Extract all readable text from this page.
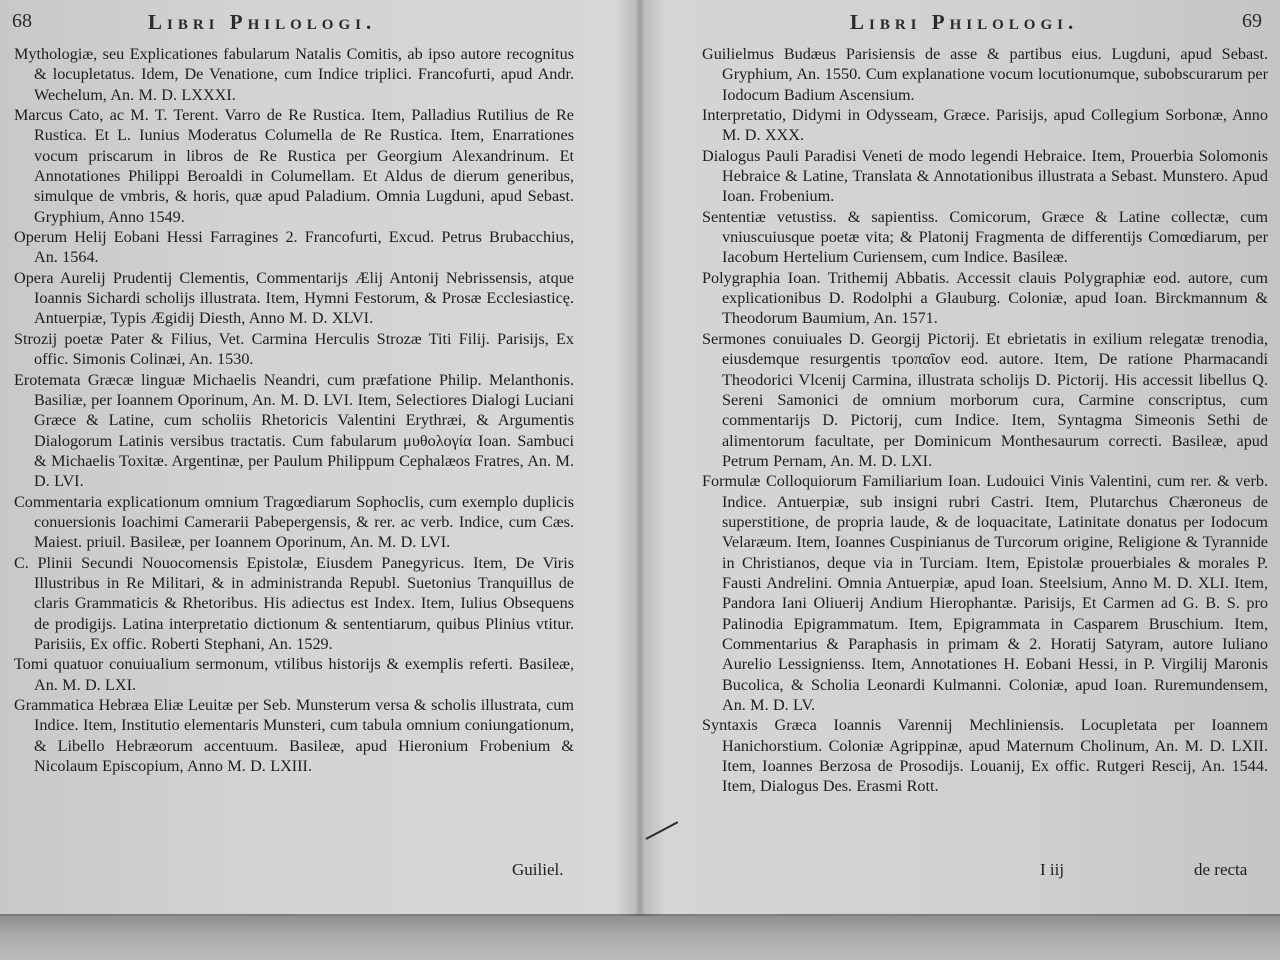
68	Libri Philologi.
Mythologiæ, seu Explicationes fabularum Natalis Comitis, ab ipso autore recognitus & locupletatus. Idem, De Venatione, cum Indice triplici. Francofurti, apud Andr. Wechelum, An. M. D. LXXXI.
Marcus Cato, ac M. T. Terent. Varro de Re Rustica. Item, Palladius Rutilius de Re Rustica. Et L. Iunius Moderatus Columella de Re Rustica. Item, Enarrationes vocum priscarum in libros de Re Rustica per Georgium Alexandrinum. Et Annotationes Philippi Beroaldi in Columellam. Et Aldus de dierum generibus, simulque de vmbris, & horis, quæ apud Paladium. Omnia Lugduni, apud Sebast. Gryphium, Anno 1549.
Operum Helij Eobani Hessi Farragines 2. Francofurti, Excud. Petrus Brubacchius, An. 1564.
Opera Aurelij Prudentij Clementis, Commentarijs Ælij Antonij Nebrissensis, atque Ioannis Sichardi scholijs illustrata. Item, Hymni Festorum, & Prosæ Ecclesiasticę. Antuerpiæ, Typis Ægidij Diesth, Anno M. D. XLVI.
Strozij poetæ Pater & Filius, Vet. Carmina Herculis Strozæ Titi Filij. Parisijs, Ex offic. Simonis Colinæi, An. 1530.
Erotemata Græcæ linguæ Michaelis Neandri, cum præfatione Philip. Melanthonis. Basiliæ, per Ioannem Oporinum, An. M. D. LVI. Item, Selectiores Dialogi Luciani Græce & Latine, cum scholiis Rhetoricis Valentini Erythræi, & Argumentis Dialogorum Latinis versibus tractatis. Cum fabularum μυθολογία Ioan. Sambuci & Michaelis Toxitæ. Argentinæ, per Paulum Philippum Cephalæos Fratres, An. M. D. LVI.
Commentaria explicationum omnium Tragœdiarum Sophoclis, cum exemplo duplicis conuersionis Ioachimi Camerarii Pabepergensis, & rer. ac verb. Indice, cum Cæs. Maiest. priuil. Basileæ, per Ioannem Oporinum, An. M. D. LVI.
C. Plinii Secundi Nouocomensis Epistolæ, Eiusdem Panegyricus. Item, De Viris Illustribus in Re Militari, & in administranda Republ. Suetonius Tranquillus de claris Grammaticis & Rhetoribus. His adiectus est Index. Item, Iulius Obsequens de prodigijs. Latina interpretatio dictionum & sententiarum, quibus Plinius vtitur. Parisiis, Ex offic. Roberti Stephani, An. 1529.
Tomi quatuor conuiualium sermonum, vtilibus historijs & exemplis referti. Basileæ, An. M. D. LXI.
Grammatica Hebræa Eliæ Leuitæ per Seb. Munsterum versa & scholis illustrata, cum Indice. Item, Institutio elementaris Munsteri, cum tabula omnium coniungationum, & Libello Hebræorum accentuum. Basileæ, apud Hieronium Frobenium & Nicolaum Episcopium, Anno M. D. LXIII.
Guiliel.
Libri Philologi.	69
Guilielmus Budæus Parisiensis de asse & partibus eius. Lugduni, apud Sebast. Gryphium, An. 1550. Cum explanatione vocum locutionumque, subobscurarum per Iodocum Badium Ascensium.
Interpretatio, Didymi in Odysseam, Græce. Parisijs, apud Collegium Sorbonæ, Anno M. D. XXX.
Dialogus Pauli Paradisi Veneti de modo legendi Hebraice. Item, Prouerbia Solomonis Hebraice & Latine, Translata & Annotationibus illustrata a Sebast. Munstero. Apud Ioan. Frobenium.
Sententiæ vetustiss. & sapientiss. Comicorum, Græce & Latine collectæ, cum vniuscuiusque poetæ vita; & Platonij Fragmenta de differentijs Comœdiarum, per Iacobum Hertelium Curiensem, cum Indice. Basileæ.
Polygraphia Ioan. Trithemij Abbatis. Accessit clauis Polygraphiæ eod. autore, cum explicationibus D. Rodolphi a Glauburg. Coloniæ, apud Ioan. Birckmannum & Theodorum Baumium, An. 1571.
Sermones conuiuales D. Georgij Pictorij. Et ebrietatis in exilium relegatæ trenodia, eiusdemque resurgentis τροπαῖον eod. autore. Item, De ratione Pharmacandi Theodorici Vlcenij Carmina, illustrata scholijs D. Pictorij. His accessit libellus Q. Sereni Samonici de omnium morborum cura, Carmine conscriptus, cum commentarijs D. Pictorij, cum Indice. Item, Syntagma Simeonis Sethi de alimentorum facultate, per Dominicum Monthesaurum correcti. Basileæ, apud Petrum Pernam, An. M. D. LXI.
Formulæ Colloquiorum Familiarium Ioan. Ludouici Vinis Valentini, cum rer. & verb. Indice. Antuerpiæ, sub insigni rubri Castri. Item, Plutarchus Chæroneus de superstitione, de propria laude, & de loquacitate, Latinitate donatus per Iodocum Velaræum. Item, Ioannes Cuspinianus de Turcorum origine, Religione & Tyrannide in Christianos, deque via in Turciam. Item, Epistolæ prouerbiales & morales P. Fausti Andrelini. Omnia Antuerpiæ, apud Ioan. Steelsium, Anno M. D. XLI. Item, Pandora Iani Oliuerij Andium Hierophantæ. Parisijs, Et Carmen ad G. B. S. pro Palinodia Epigrammatum. Item, Epigrammata in Casparem Bruschium. Item, Commentarius & Paraphasis in primam & 2. Horatij Satyram, autore Iuliano Aurelio Lessignienss. Item, Annotationes H. Eobani Hessi, in P. Virgilij Maronis Bucolica, & Scholia Leonardi Kulmanni. Coloniæ, apud Ioan. Ruremundensem, An. M. D. LV.
Syntaxis Græca Ioannis Varennij Mechliniensis. Locupletata per Ioannem Hanichorstium. Coloniæ Agrippinæ, apud Maternum Cholinum, An. M. D. LXII. Item, Ioannes Berzosa de Prosodijs. Louanij, Ex offic. Rutgeri Rescij, An. 1544. Item, Dialogus Des. Erasmi Rott.
I iij	de recta
